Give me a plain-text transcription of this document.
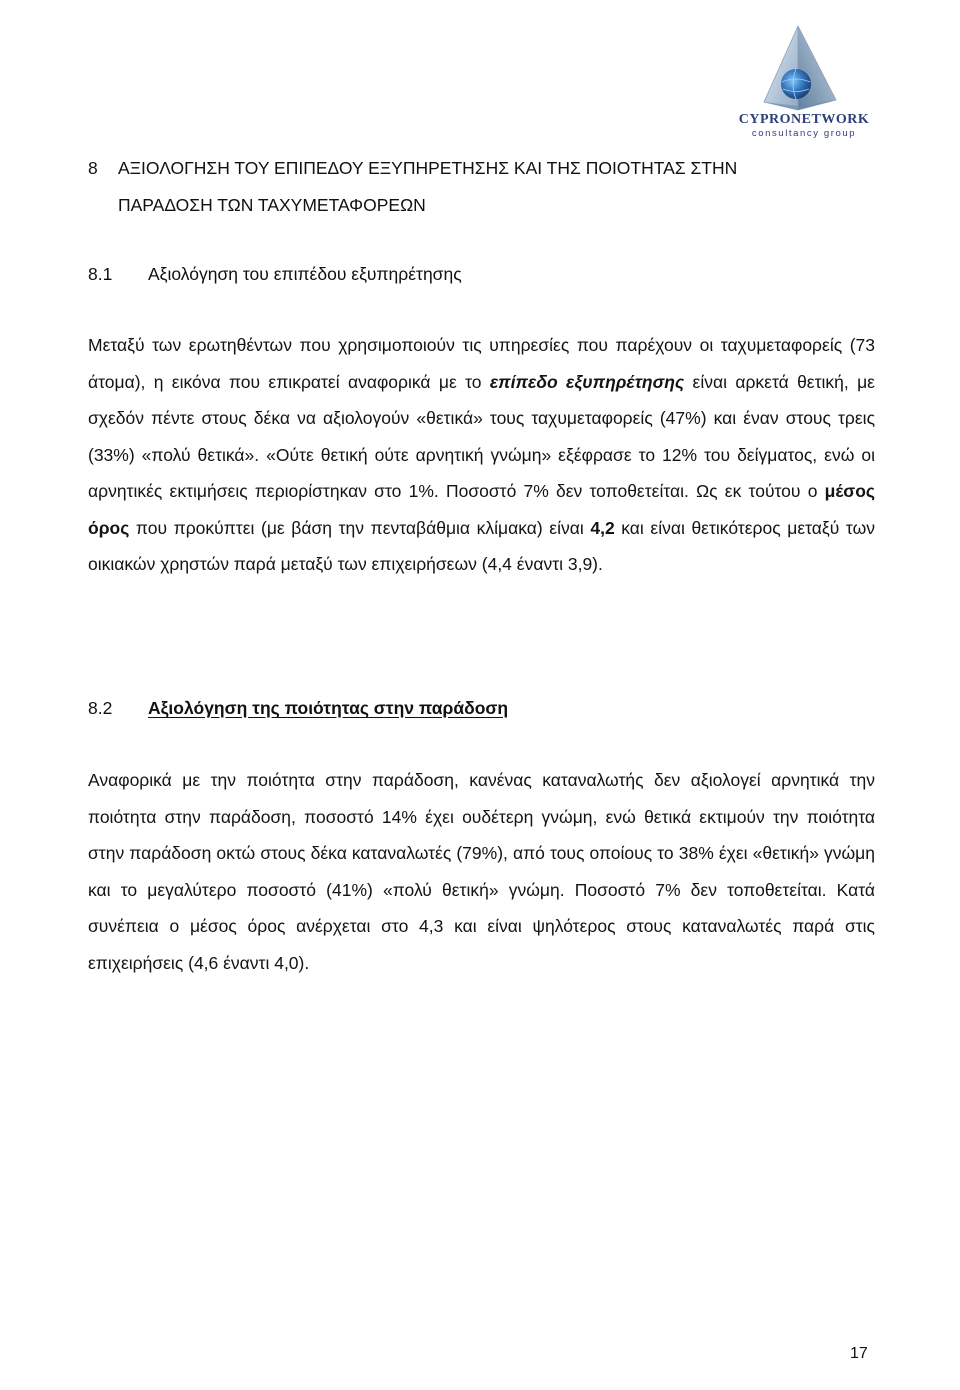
CYPRONETWORK
consultancy group
8 ΑΞΙΟΛΟΓΗΣΗ ΤΟΥ ΕΠΙΠΕΔΟΥ ΕΞΥΠΗΡΕΤΗΣΗΣ ΚΑΙ ΤΗΣ ΠΟΙΟΤΗΤΑΣ ΣΤΗΝ
ΠΑΡΑΔΟΣΗ ΤΩΝ ΤΑΧΥΜΕΤΑΦΟΡΕΩΝ
8.1 Αξιολόγηση του επιπέδου εξυπηρέτησης

Μεταξύ των ερωτηθέντων που χρησιμοποιούν τις υπηρεσίες που παρέχουν οι ταχυμεταφορείς (73 άτομα), η εικόνα που επικρατεί αναφορικά με το επίπεδο εξυπηρέτησης είναι αρκετά θετική, με σχεδόν πέντε στους δέκα να αξιολογούν «θετικά» τους ταχυμεταφορείς (47%) και έναν στους τρεις (33%) «πολύ θετικά». «Ούτε θετική ούτε αρνητική γνώμη» εξέφρασε το 12% του δείγματος, ενώ οι αρνητικές εκτιμήσεις περιορίστηκαν στο 1%. Ποσοστό 7% δεν τοποθετείται. Ως εκ τούτου ο μέσος όρος που προκύπτει (με βάση την πενταβάθμια κλίμακα) είναι 4,2 και είναι θετικότερος μεταξύ των οικιακών χρηστών παρά μεταξύ των επιχειρήσεων (4,4 έναντι 3,9).

8.2 Αξιολόγηση της ποιότητας στην παράδοση

Αναφορικά με την ποιότητα στην παράδοση, κανένας καταναλωτής δεν αξιολογεί αρνητικά την ποιότητα στην παράδοση, ποσοστό 14% έχει ουδέτερη γνώμη, ενώ θετικά εκτιμούν την ποιότητα στην παράδοση οκτώ στους δέκα καταναλωτές (79%), από τους οποίους το 38% έχει «θετική» γνώμη και το μεγαλύτερο ποσοστό (41%) «πολύ θετική» γνώμη. Ποσοστό 7% δεν τοποθετείται. Κατά συνέπεια ο μέσος όρος ανέρχεται στο 4,3 και είναι ψηλότερος στους καταναλωτές παρά στις επιχειρήσεις (4,6 έναντι 4,0).

17
